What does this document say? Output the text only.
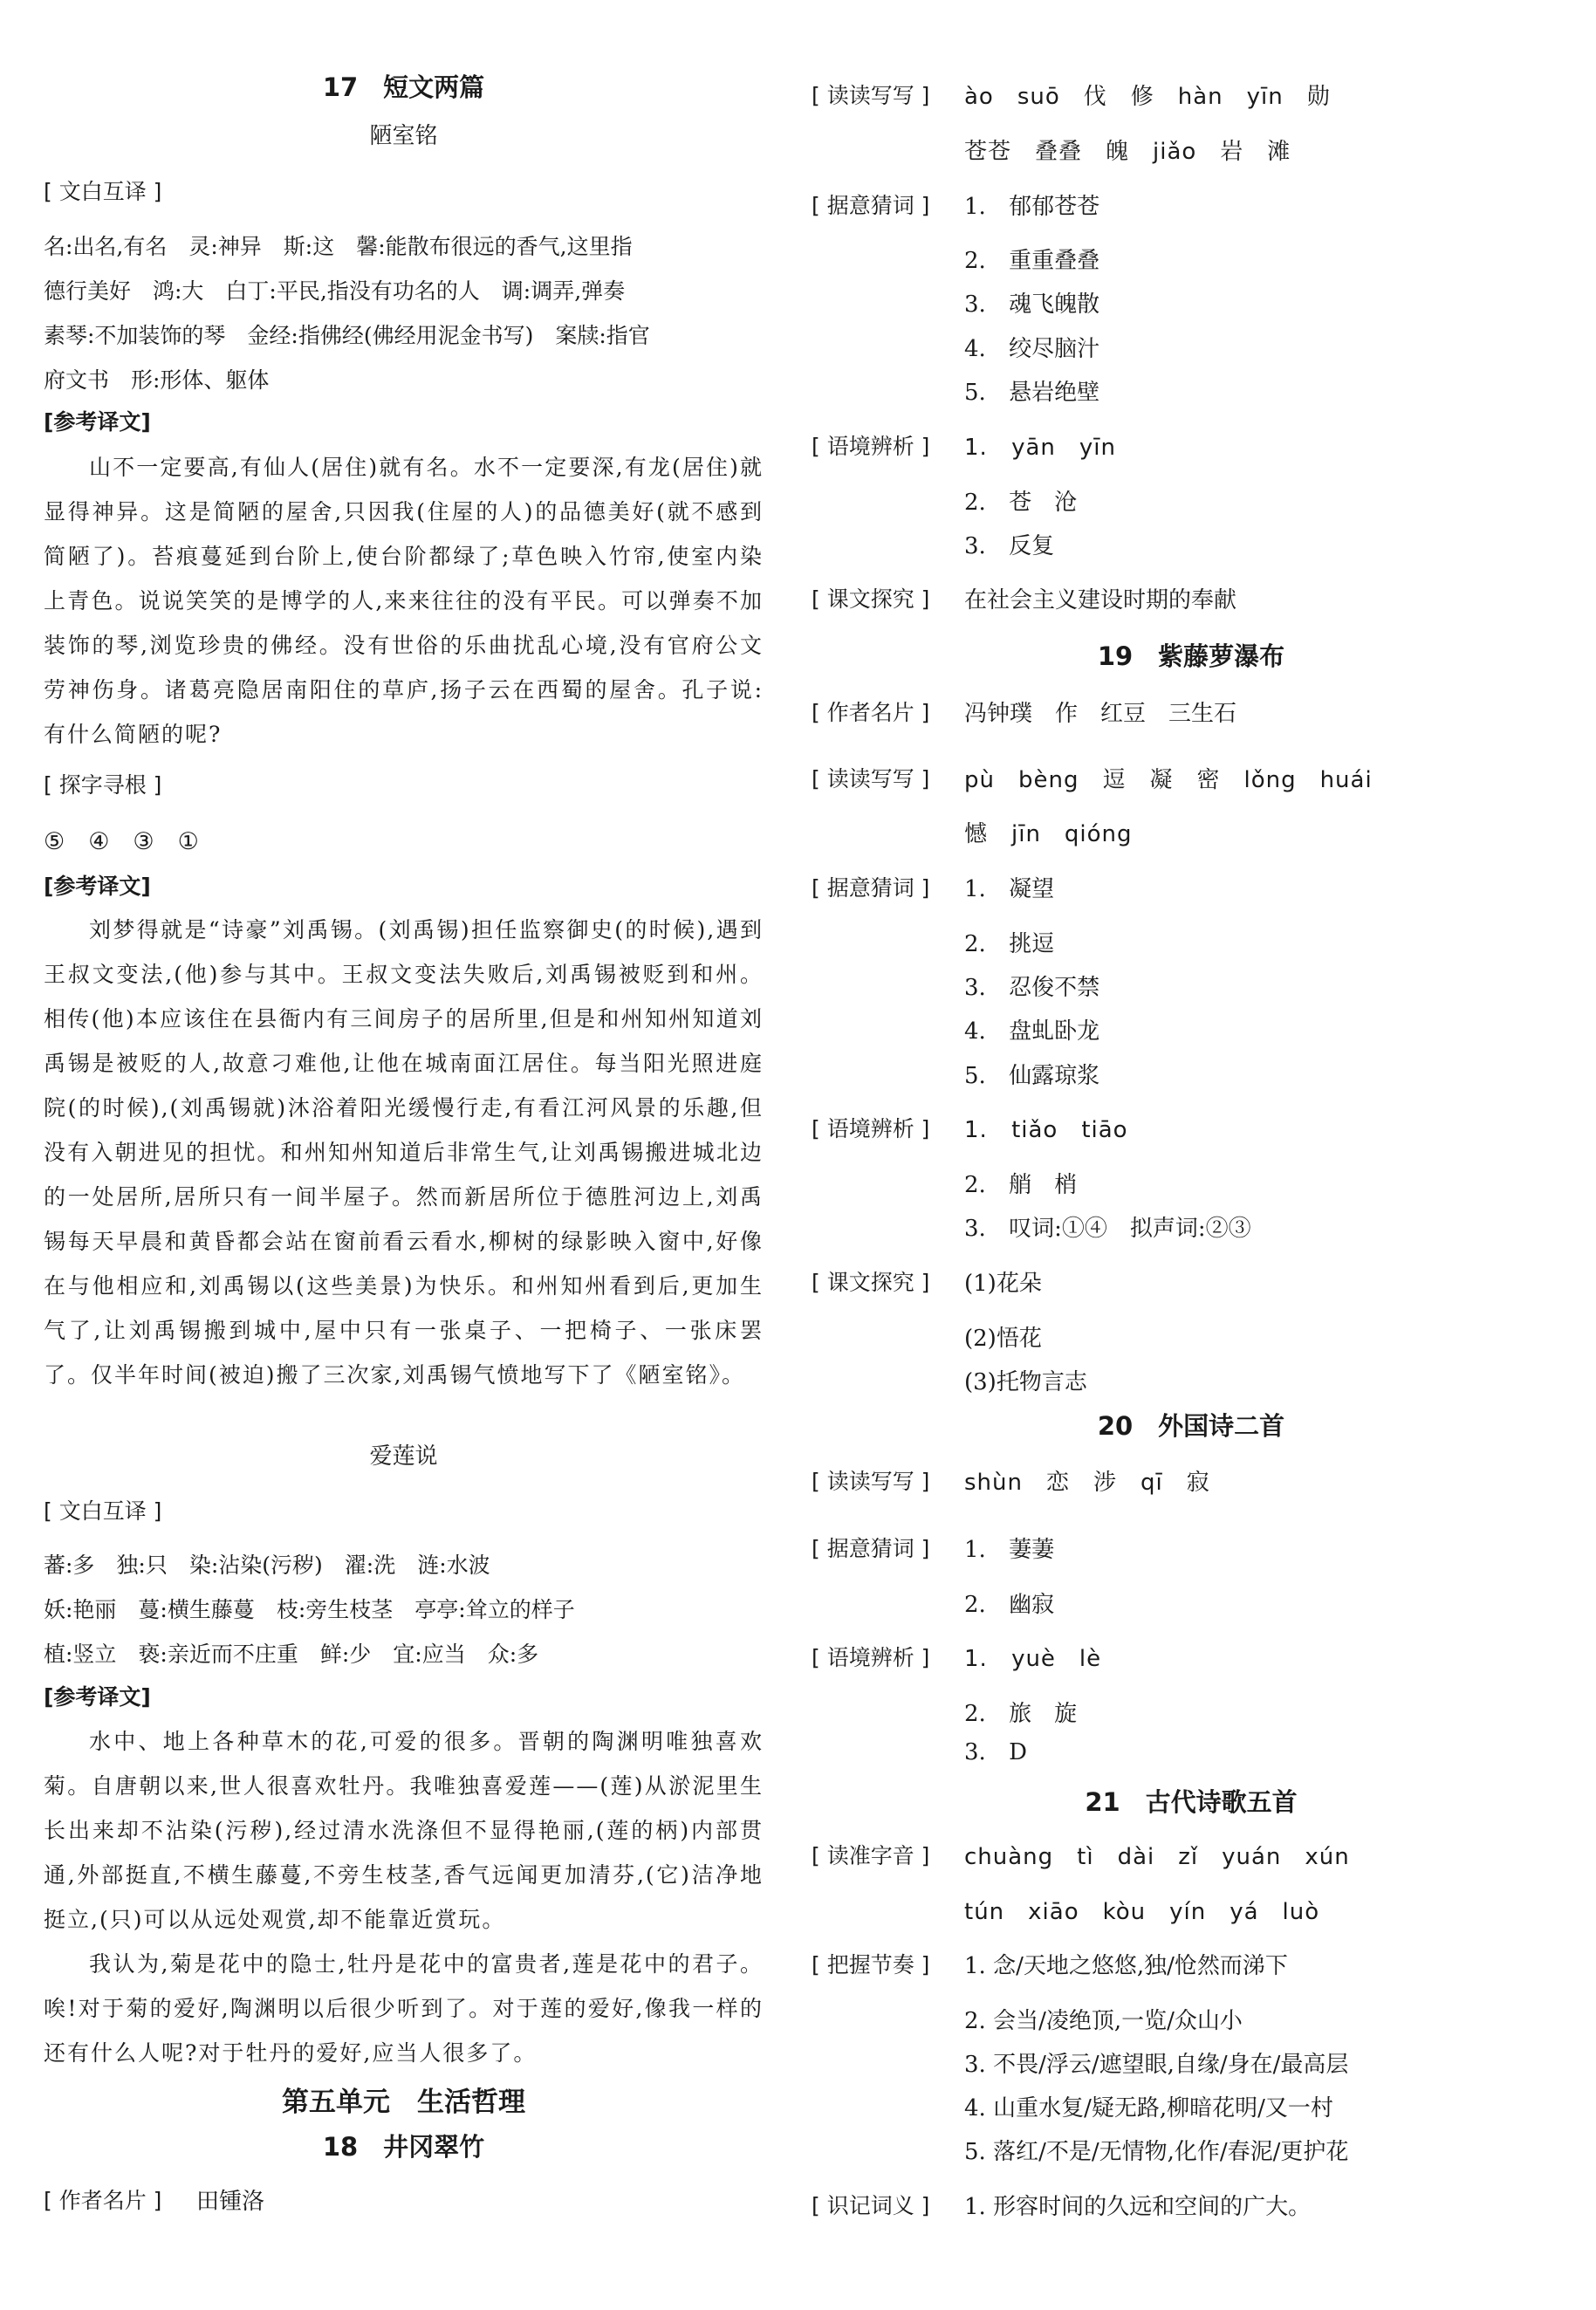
17　短文两篇

陋室铭

[ 文白互译 ]

名:出名,有名　灵:神异　斯:这　馨:能散布很远的香气,这里指

德行美好　鸿:大　白丁:平民,指没有功名的人　调:调弄,弹奏

素琴:不加装饰的琴　金经:指佛经(佛经用泥金书写)　案牍:指官

府文书　形:形体、躯体

[参考译文]

山不一定要高,有仙人(居住)就有名。水不一定要深,有龙(居住)就显得神异。这是简陋的屋舍,只因我(住屋的人)的品德美好(就不感到简陋了)。苔痕蔓延到台阶上,使台阶都绿了;草色映入竹帘,使室内染上青色。说说笑笑的是博学的人,来来往往的没有平民。可以弹奏不加装饰的琴,浏览珍贵的佛经。没有世俗的乐曲扰乱心境,没有官府公文劳神伤身。诸葛亮隐居南阳住的草庐,扬子云在西蜀的屋舍。孔子说:有什么简陋的呢?

[ 探字寻根 ]

⑤　④　③　①

[参考译文]

刘梦得就是“诗豪”刘禹锡。(刘禹锡)担任监察御史(的时候),遇到王叔文变法,(他)参与其中。王叔文变法失败后,刘禹锡被贬到和州。相传(他)本应该住在县衙内有三间房子的居所里,但是和州知州知道刘禹锡是被贬的人,故意刁难他,让他在城南面江居住。每当阳光照进庭院(的时候),(刘禹锡就)沐浴着阳光缓慢行走,有看江河风景的乐趣,但没有入朝进见的担忧。和州知州知道后非常生气,让刘禹锡搬进城北边的一处居所,居所只有一间半屋子。然而新居所位于德胜河边上,刘禹锡每天早晨和黄昏都会站在窗前看云看水,柳树的绿影映入窗中,好像在与他相应和,刘禹锡以(这些美景)为快乐。和州知州看到后,更加生气了,让刘禹锡搬到城中,屋中只有一张桌子、一把椅子、一张床罢了。仅半年时间(被迫)搬了三次家,刘禹锡气愤地写下了《陋室铭》。

爱莲说

[ 文白互译 ]

蕃:多　独:只　染:沾染(污秽)　濯:洗　涟:水波

妖:艳丽　蔓:横生藤蔓　枝:旁生枝茎　亭亭:耸立的样子

植:竖立　亵:亲近而不庄重　鲜:少　宜:应当　众:多

[参考译文]

水中、地上各种草木的花,可爱的很多。晋朝的陶渊明唯独喜欢菊。自唐朝以来,世人很喜欢牡丹。我唯独喜爱莲——(莲)从淤泥里生长出来却不沾染(污秽),经过清水洗涤但不显得艳丽,(莲的柄)内部贯通,外部挺直,不横生藤蔓,不旁生枝茎,香气远闻更加清芬,(它)洁净地挺立,(只)可以从远处观赏,却不能靠近赏玩。

我认为,菊是花中的隐士,牡丹是花中的富贵者,莲是花中的君子。唉!对于菊的爱好,陶渊明以后很少听到了。对于莲的爱好,像我一样的还有什么人呢?对于牡丹的爱好,应当人很多了。

第五单元　生活哲理

18　井冈翠竹

[ 作者名片 ] 田锺洛
[ 读读写写 ] ào　suō　伐　修　hàn　yīn　勋
苍苍　叠叠　魄　jiǎo　岩　滩
[ 据意猜词 ] 1. 郁郁苍苍
2. 重重叠叠
3. 魂飞魄散
4. 绞尽脑汁
5. 悬岩绝壁
[ 语境辨析 ] 1. yān　yīn
2. 苍　沧
3. 反复
[ 课文探究 ] 在社会主义建设时期的奉献

19　紫藤萝瀑布

[ 作者名片 ] 冯钟璞　作　红豆　三生石
[ 读读写写 ] pù　bèng　逗　凝　密　lǒng　huái
憾　jīn　qióng
[ 据意猜词 ] 1. 凝望
2. 挑逗
3. 忍俊不禁
4. 盘虬卧龙
5. 仙露琼浆
[ 语境辨析 ] 1. tiǎo　tiāo
2. 艄　梢
3. 叹词:①④　拟声词:②③
[ 课文探究 ] (1)花朵
(2)悟花
(3)托物言志

20　外国诗二首

[ 读读写写 ] shùn　恋　涉　qī　寂
[ 据意猜词 ] 1. 萋萋
2. 幽寂
[ 语境辨析 ] 1. yuè　lè
2. 旅　旋
3. D

21　古代诗歌五首

[ 读准字音 ] chuàng　tì　dài　zǐ　yuán　xún
tún　xiāo　kòu　yín　yá　luò
[ 把握节奏 ] 1. 念/天地之悠悠,独/怆然而涕下
2. 会当/凌绝顶,一览/众山小
3. 不畏/浮云/遮望眼,自缘/身在/最高层
4. 山重水复/疑无路,柳暗花明/又一村
5. 落红/不是/无情物,化作/春泥/更护花
[ 识记词义 ] 1. 形容时间的久远和空间的广大。
